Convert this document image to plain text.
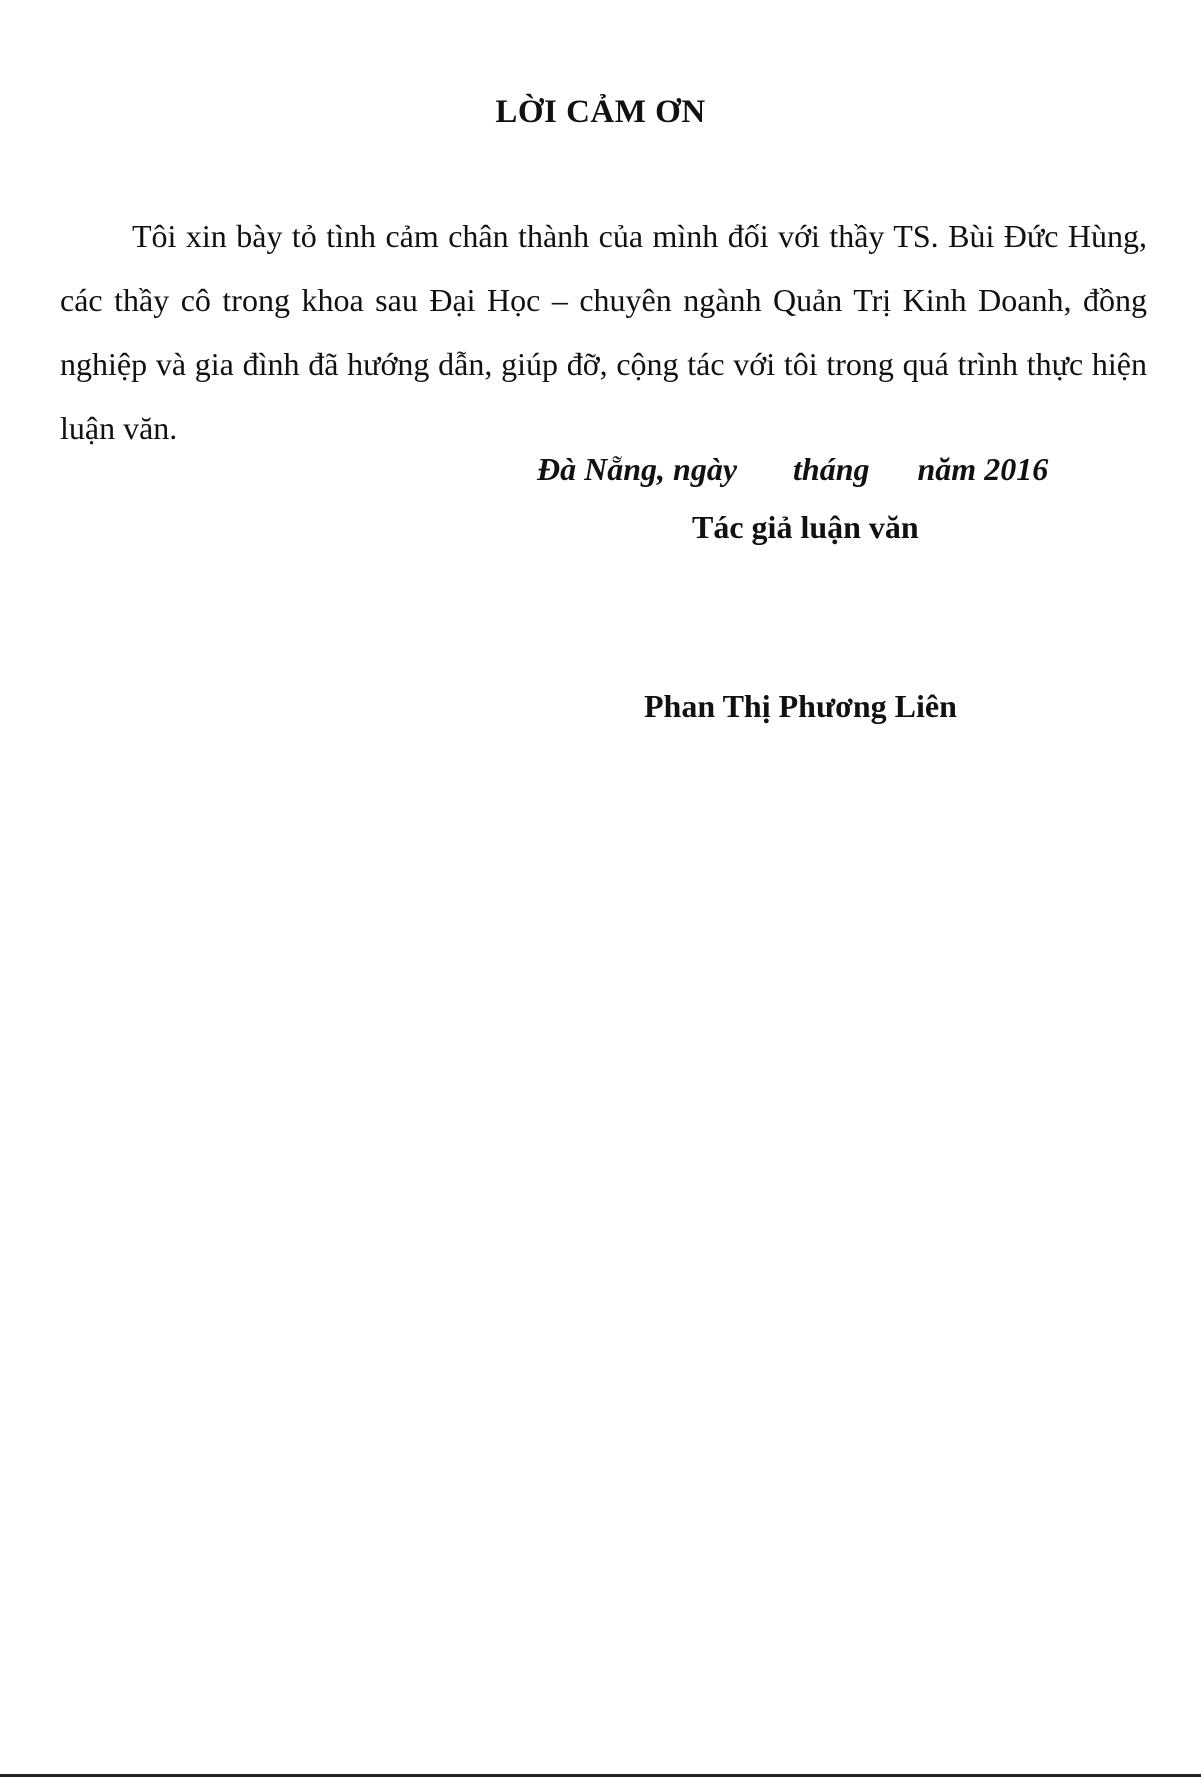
LỜI CẢM ƠN

Tôi xin bày tỏ tình cảm chân thành của mình đối với thầy TS. Bùi Đức Hùng, các thầy cô trong khoa sau Đại Học – chuyên ngành Quản Trị Kinh Doanh, đồng nghiệp và gia đình đã hướng dẫn, giúp đỡ, cộng tác với tôi trong quá trình thực hiện luận văn.

Đà Nẵng, ngày       tháng      năm 2016

Tác giả luận văn

Phan Thị Phương Liên
